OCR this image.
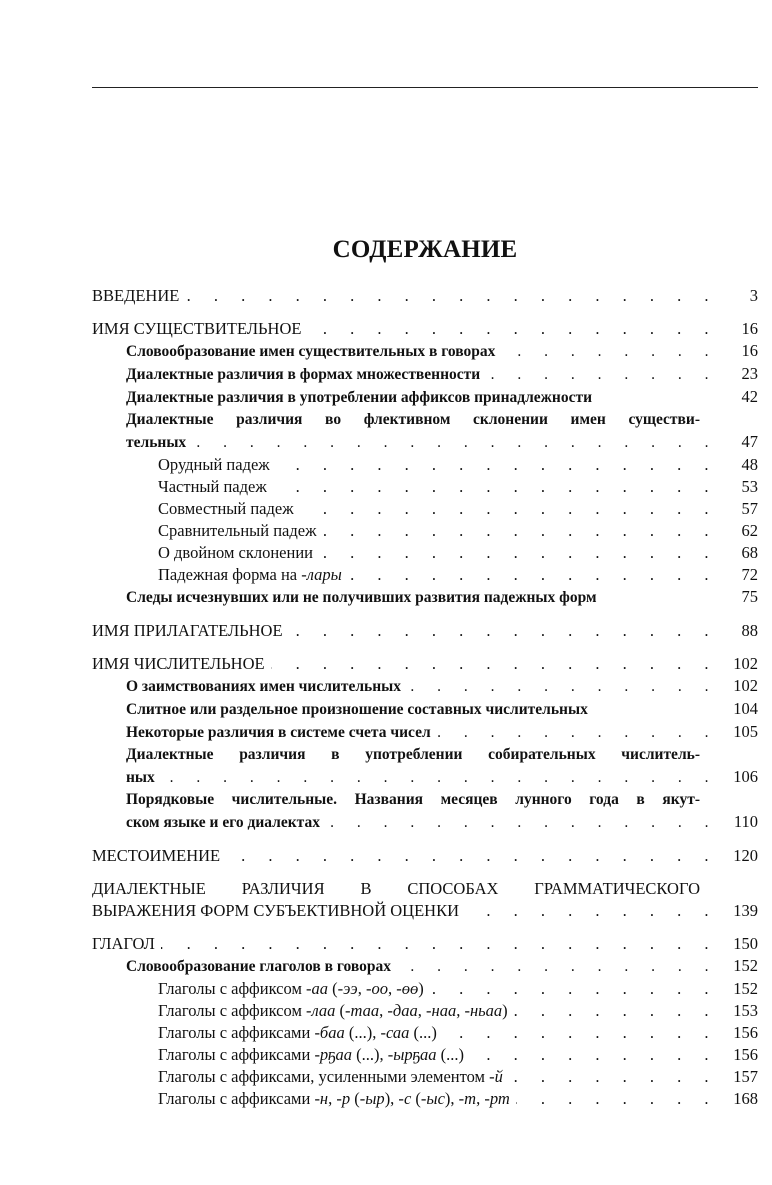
СОДЕРЖАНИЕ
ВВЕДЕНИЕ . . .	3
ИМЯ СУЩЕСТВИТЕЛЬНОЕ . . .	16
Словообразование имен существительных в говорах . . .	16
Диалектные различия в формах множественности . . .	23
Диалектные различия в употреблении аффиксов принадлежности	42
Диалектные различия во флективном склонении имен существи-
тельных . . .	47
Орудный падеж . . .	48
Частный падеж . . .	53
Совместный падеж . . .	57
Сравнительный падеж . . .	62
О двойном склонении . . .	68
Падежная форма на -лары . . .	72
Следы исчезнувших или не получивших развития падежных форм	75
ИМЯ ПРИЛАГАТЕЛЬНОЕ . . .	88
ИМЯ ЧИСЛИТЕЛЬНОЕ . . .	102
О заимствованиях имен числительных . . .	102
Слитное или раздельное произношение составных числительных	104
Некоторые различия в системе счета чисел . . .	105
Диалектные различия в употреблении собирательных числитель-
ных . . .	106
Порядковые числительные. Названия месяцев лунного года в якут-
ском языке и его диалектах . . .	110
МЕСТОИМЕНИЕ . . .	120
ДИАЛЕКТНЫЕ РАЗЛИЧИЯ В СПОСОБАХ ГРАММАТИЧЕСКОГО
ВЫРАЖЕНИЯ ФОРМ СУБЪЕКТИВНОЙ ОЦЕНКИ . . .	139
ГЛАГОЛ . . .	150
Словообразование глаголов в говорах . . .	152
Глаголы с аффиксом -аа (-ээ, -оо, -өө) . . .	152
Глаголы с аффиксом -лаа (-таа, -даа, -наа, -ньаа) . . .	153
Глаголы с аффиксами -баа (...), -саа (...) . . .	156
Глаголы с аффиксами -рҕаа (...), -ырҕаа (...) . . .	156
Глаголы с аффиксами, усиленными элементом -й . . .	157
Глаголы с аффиксами -н, -р (-ыр), -с (-ыс), -т, -рт . . .	168
